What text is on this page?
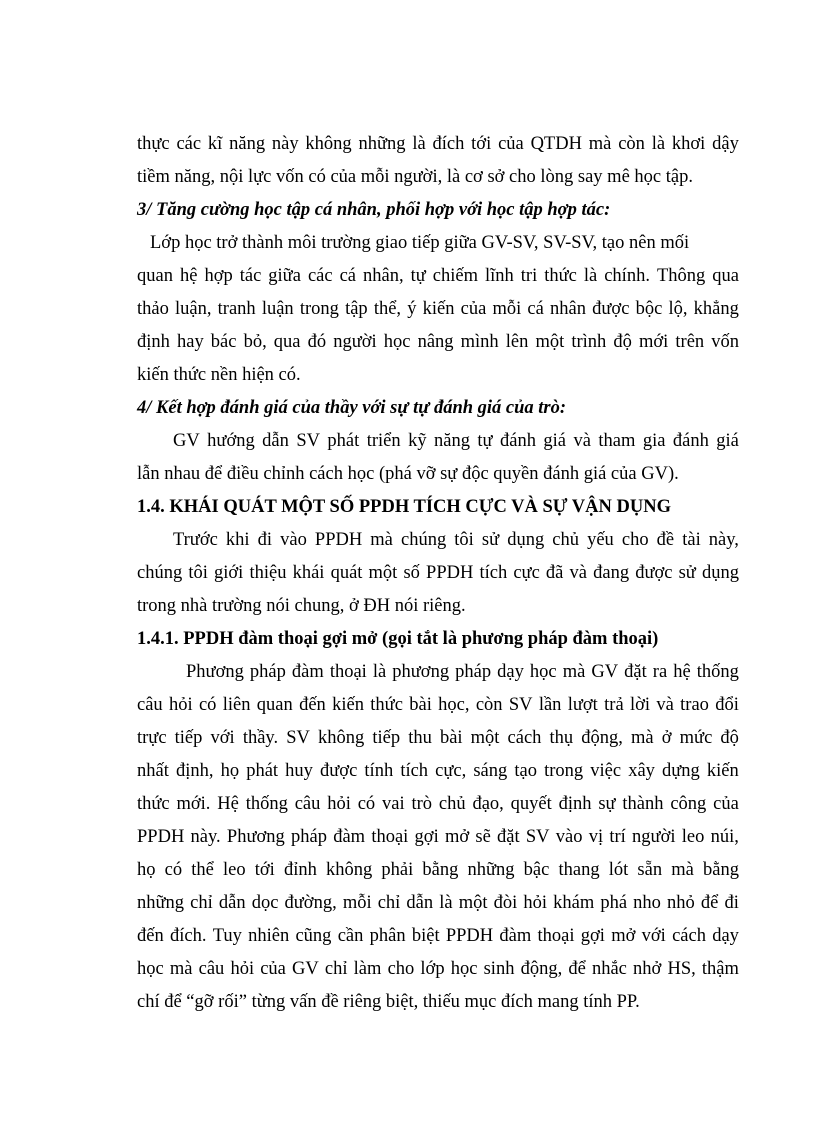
thực các kĩ năng này không những là đích tới của QTDH mà còn là khơi dậy
tiềm năng, nội lực vốn có của mỗi người, là cơ sở cho lòng say mê học tập.
3/ Tăng cường học tập cá nhân, phối hợp với học tập hợp tác:
Lớp học trở thành môi trường giao tiếp giữa GV-SV, SV-SV, tạo nên mối
quan hệ hợp tác giữa các cá nhân, tự chiếm lĩnh tri thức là chính. Thông qua
thảo luận, tranh luận trong tập thể, ý kiến của mỗi cá nhân được bộc lộ, khẳng
định hay bác bỏ, qua đó người học nâng mình lên một trình độ mới trên vốn
kiến thức nền hiện có.
4/ Kết hợp đánh giá của thầy với sự tự đánh giá của trò:
GV hướng dẫn SV phát triển kỹ năng tự đánh giá và tham gia đánh giá
lẫn nhau để điều chỉnh cách học (phá vỡ sự độc quyền đánh giá của GV).
1.4. KHÁI QUÁT MỘT SỐ PPDH TÍCH CỰC VÀ SỰ VẬN DỤNG
Trước khi đi vào PPDH mà chúng tôi sử dụng chủ yếu cho đề tài này,
chúng tôi giới thiệu khái quát một số PPDH tích cực đã và đang được sử dụng
trong nhà trường nói chung, ở ĐH nói riêng.
1.4.1. PPDH đàm thoại gợi mở (gọi tắt là phương pháp đàm thoại)
Phương pháp đàm thoại là phương pháp dạy học mà GV đặt ra hệ thống
câu hỏi có liên quan đến kiến thức bài học, còn SV lần lượt trả lời và trao đổi
trực tiếp với thầy. SV không tiếp thu bài một cách thụ động, mà ở mức độ
nhất định, họ phát huy được tính tích cực, sáng tạo trong việc xây dựng kiến
thức mới. Hệ thống câu hỏi có vai trò chủ đạo, quyết định sự thành công của
PPDH này. Phương pháp đàm thoại gợi mở sẽ đặt SV vào vị trí người leo núi,
họ có thể leo tới đỉnh không phải bằng những bậc thang lót sẵn mà bằng
những chỉ dẫn dọc đường, mỗi chỉ dẫn là một đòi hỏi khám phá nho nhỏ để đi
đến đích. Tuy nhiên cũng cần phân biệt PPDH đàm thoại gợi mở với cách dạy
học mà câu hỏi của GV chỉ làm cho lớp học sinh động, để nhắc nhở HS, thậm
chí để “gỡ rối” từng vấn đề riêng biệt, thiếu mục đích mang tính PP.
